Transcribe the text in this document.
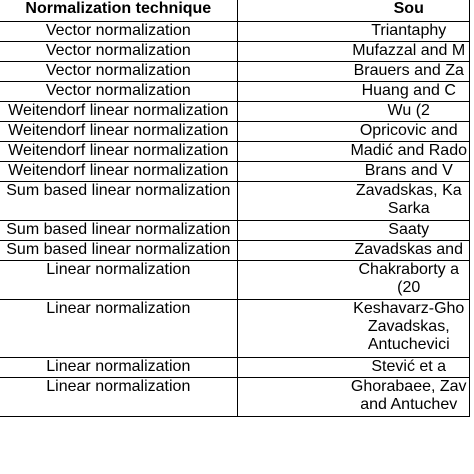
	Normalization technique	Sou
	Vector normalization	Triantaphy

	Vector normalization	Mufazzal and M

	Vector normalization	Brauers and Za

	Vector normalization	Huang and C

	Weitendorf linear normalization	Wu (2

	Weitendorf linear normalization	Opricovic and

	Weitendorf linear normalization	Madić and Rado

	Weitendorf linear normalization	Brans and V

	Sum based linear normalization	Zavadskas, Ka
Sarka

	Sum based linear normalization	Saaty

	Sum based linear normalization	Zavadskas and

	Linear normalization	Chakraborty a
(20

	Linear normalization	Keshavarz-Gho
Zavadskas,
Antuchevici

	Linear normalization	Stević et a

	Linear normalization	Ghorabaee, Zav
and Antuchev
